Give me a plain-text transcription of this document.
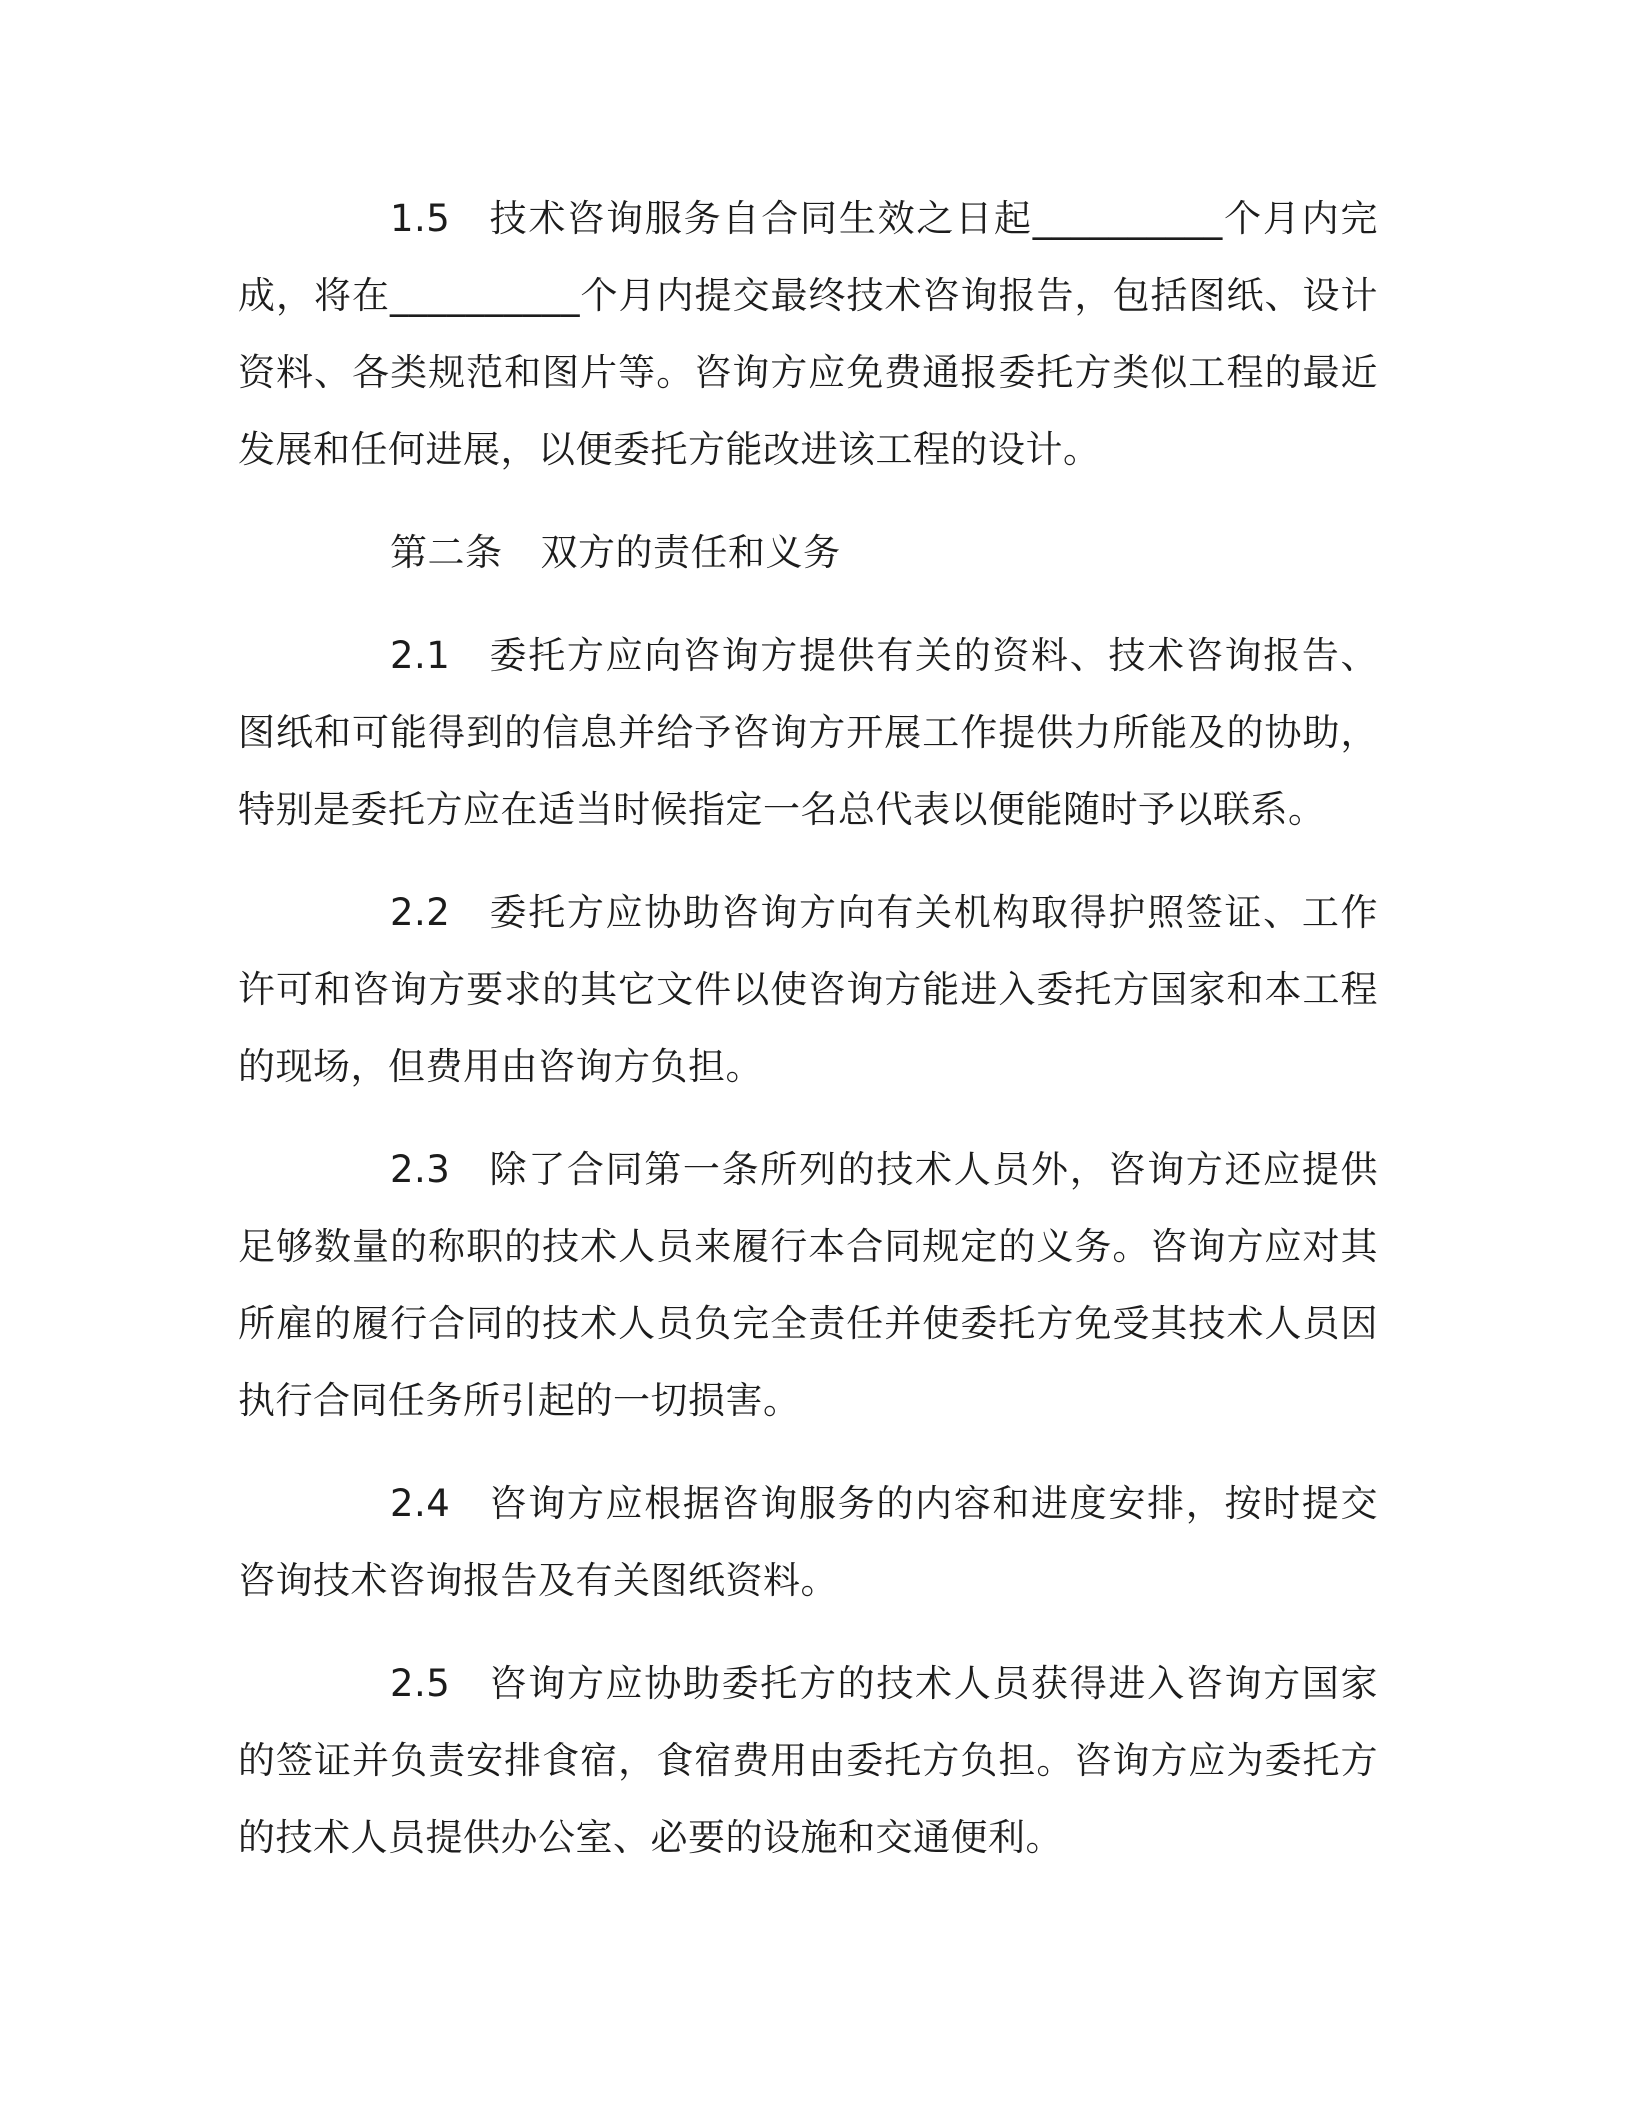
1.5 技术咨询服务自合同生效之日起__________个月内完成，将在__________个月内提交最终技术咨询报告，包括图纸、设计资料、各类规范和图片等。咨询方应免费通报委托方类似工程的最近发展和任何进展，以便委托方能改进该工程的设计。

第二条 双方的责任和义务

2.1 委托方应向咨询方提供有关的资料、技术咨询报告、图纸和可能得到的信息并给予咨询方开展工作提供力所能及的协助，特别是委托方应在适当时候指定一名总代表以便能随时予以联系。

2.2 委托方应协助咨询方向有关机构取得护照签证、工作许可和咨询方要求的其它文件以使咨询方能进入委托方国家和本工程的现场，但费用由咨询方负担。

2.3 除了合同第一条所列的技术人员外，咨询方还应提供足够数量的称职的技术人员来履行本合同规定的义务。咨询方应对其所雇的履行合同的技术人员负完全责任并使委托方免受其技术人员因执行合同任务所引起的一切损害。

2.4 咨询方应根据咨询服务的内容和进度安排，按时提交咨询技术咨询报告及有关图纸资料。

2.5 咨询方应协助委托方的技术人员获得进入咨询方国家的签证并负责安排食宿，食宿费用由委托方负担。咨询方应为委托方的技术人员提供办公室、必要的设施和交通便利。
